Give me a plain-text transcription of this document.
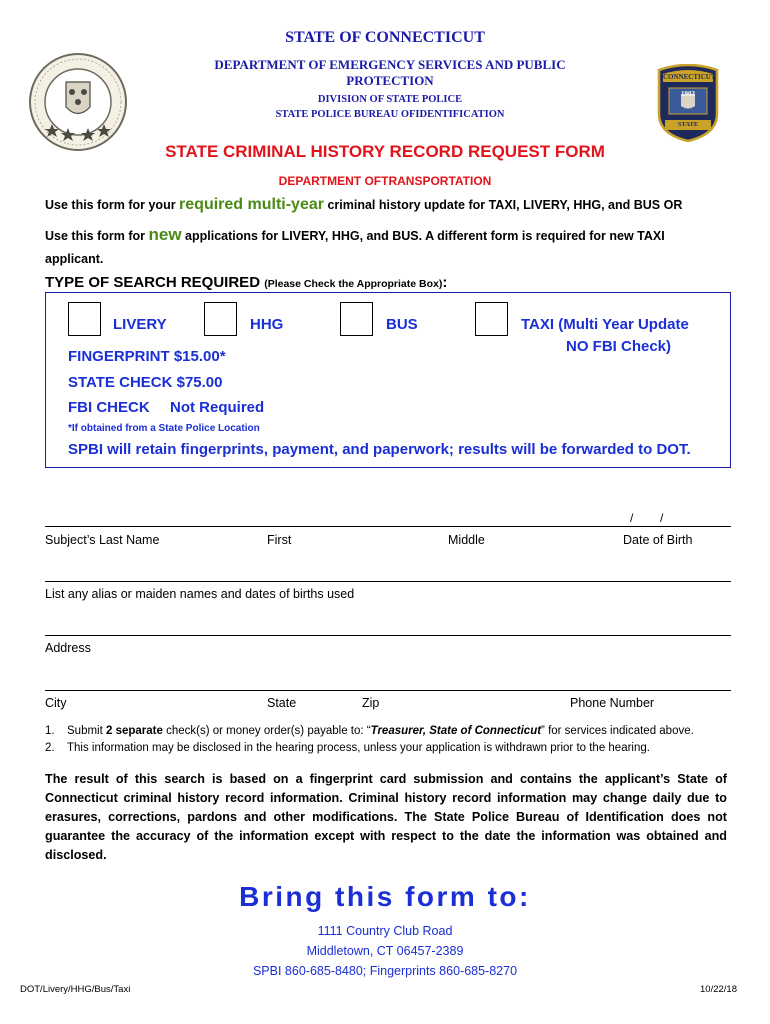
CONNECTICUT
1903
STATE POLICE
STATE OF CONNECTICUT
DEPARTMENT OF EMERGENCY SERVICES AND PUBLIC
PROTECTION
DIVISION OF STATE POLICE
STATE POLICE BUREAU OFIDENTIFICATION
STATE CRIMINAL HISTORY RECORD REQUEST FORM
DEPARTMENT OFTRANSPORTATION
Use this form for your required multi-year criminal history update for TAXI, LIVERY, HHG, and BUS OR
Use this form for new applications for LIVERY, HHG, and BUS. A different form is required for new TAXI
applicant.
TYPE OF SEARCH REQUIRED (Please Check the Appropriate Box):
LIVERY	HHG	BUS	TAXI (Multi Year Update
NO FBI Check)
FINGERPRINT $15.00*
STATE CHECK $75.00
FBI CHECK Not Required
*If obtained from a State Police Location
SPBI will retain fingerprints, payment, and paperwork; results will be forwarded to DOT.
/        /
Subject’s Last Name	First	Middle	Date of Birth
List any alias or maiden names and dates of births used
Address
City	State	Zip	Phone Number
1. Submit 2 separate check(s) or money order(s) payable to: “Treasurer, State of Connecticut” for services indicated above.
2. This information may be disclosed in the hearing process, unless your application is withdrawn prior to the hearing.
The result of this search is based on a fingerprint card submission and contains the applicant’s State of Connecticut criminal history record information. Criminal history record information may change daily due to erasures, corrections, pardons and other modifications. The State Police Bureau of Identification does not guarantee the accuracy of the information except with respect to the date the information was obtained and disclosed.
Bring this form to:
1111 Country Club Road
Middletown, CT 06457-2389
SPBI 860-685-8480; Fingerprints 860-685-8270
DOT/Livery/HHG/Bus/Taxi	10/22/18
